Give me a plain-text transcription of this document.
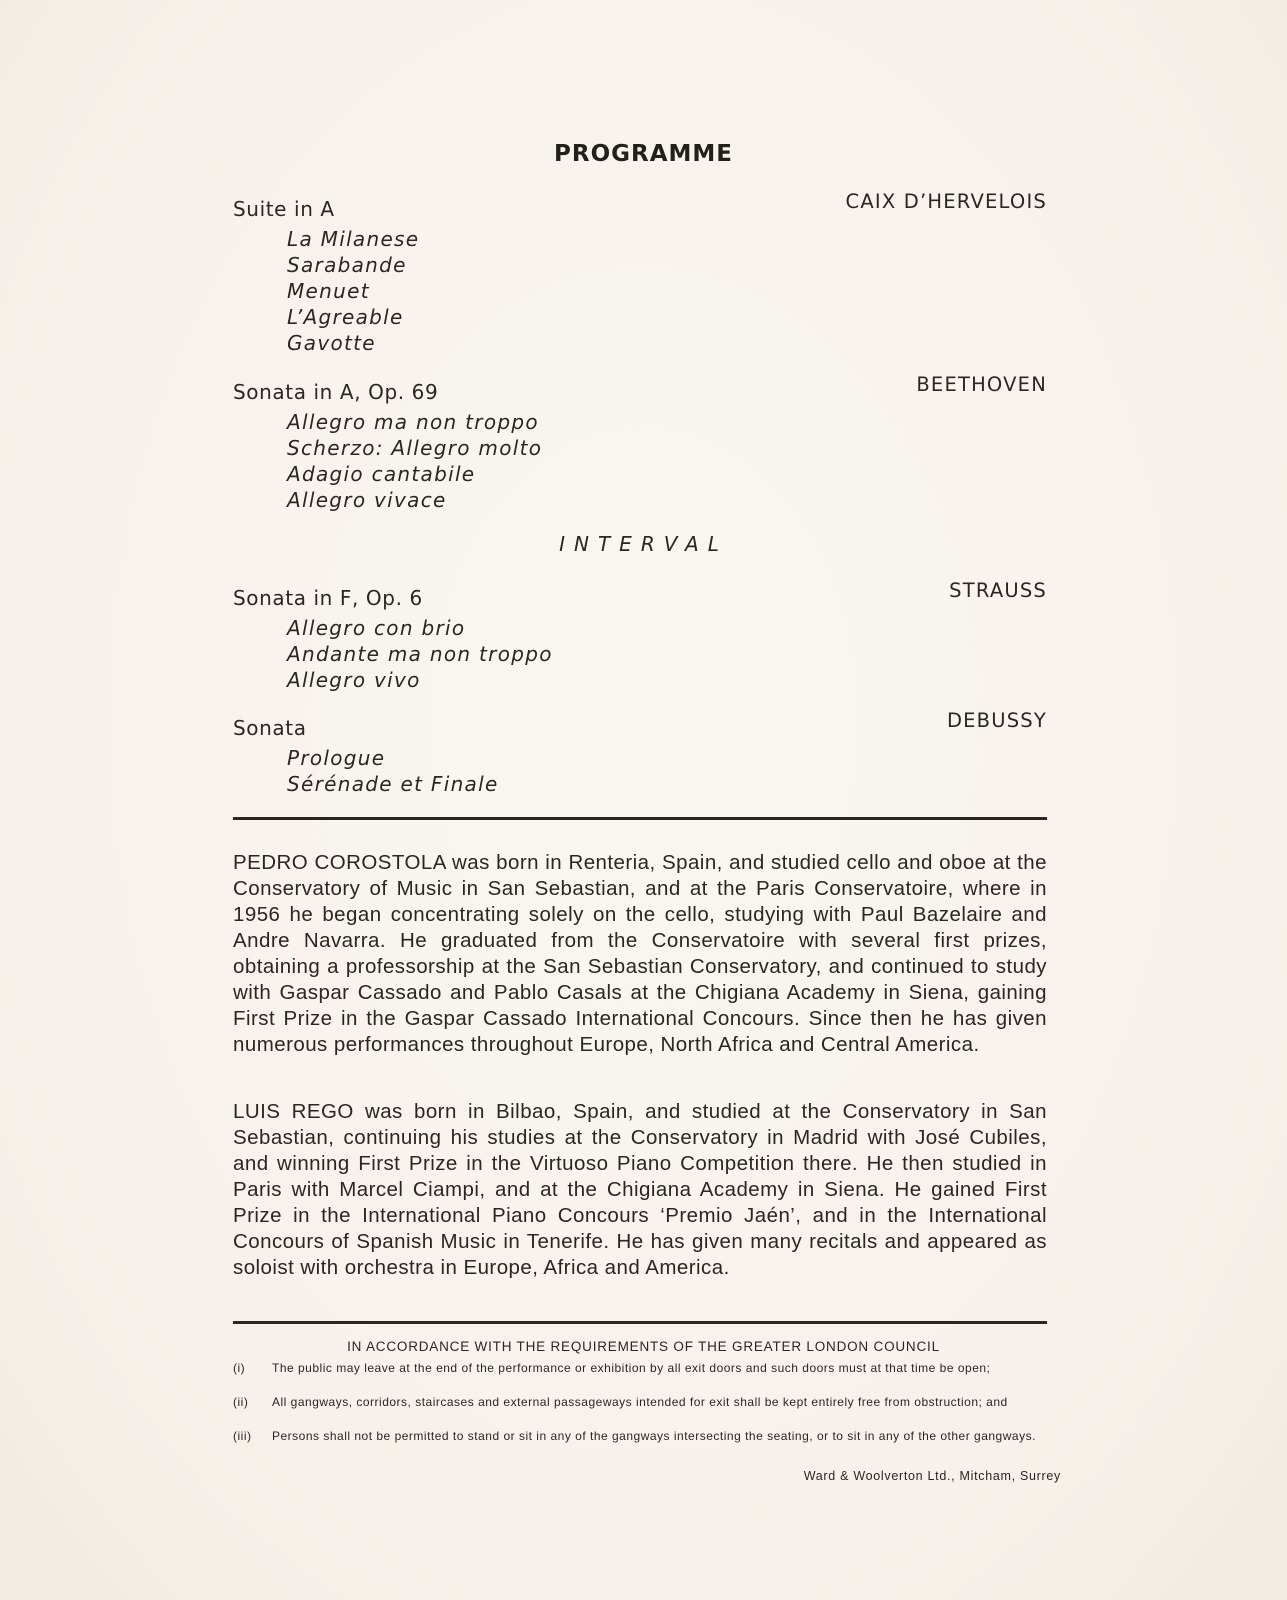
PROGRAMME
Suite in A	CAIX D’HERVELOIS
La Milanese
Sarabande
Menuet
L’Agreable
Gavotte
Sonata in A, Op. 69	BEETHOVEN
Allegro ma non troppo
Scherzo: Allegro molto
Adagio cantabile
Allegro vivace
INTERVAL
Sonata in F, Op. 6	STRAUSS
Allegro con brio
Andante ma non troppo
Allegro vivo
Sonata	DEBUSSY
Prologue
Sérénade et Finale

PEDRO COROSTOLA was born in Renteria, Spain, and studied cello and oboe at the Conservatory of Music in San Sebastian, and at the Paris Conservatoire, where in 1956 he began concentrating solely on the cello, studying with Paul Bazelaire and Andre Navarra. He graduated from the Conservatoire with several first prizes, obtaining a professorship at the San Sebastian Conservatory, and continued to study with Gaspar Cassado and Pablo Casals at the Chigiana Academy in Siena, gaining First Prize in the Gaspar Cassado International Concours. Since then he has given numerous performances throughout Europe, North Africa and Central America.

LUIS REGO was born in Bilbao, Spain, and studied at the Conservatory in San Sebastian, continuing his studies at the Conservatory in Madrid with José Cubiles, and winning First Prize in the Virtuoso Piano Competition there. He then studied in Paris with Marcel Ciampi, and at the Chigiana Academy in Siena. He gained First Prize in the International Piano Concours ‘Premio Jaén’, and in the International Concours of Spanish Music in Tenerife. He has given many recitals and appeared as soloist with orchestra in Europe, Africa and America.

IN ACCORDANCE WITH THE REQUIREMENTS OF THE GREATER LONDON COUNCIL
(i)	The public may leave at the end of the performance or exhibition by all exit doors and such doors must at that time be open;
(ii)	All gangways, corridors, staircases and external passageways intended for exit shall be kept entirely free from obstruction; and
(iii)	Persons shall not be permitted to stand or sit in any of the gangways intersecting the seating, or to sit in any of the other gangways.
Ward & Woolverton Ltd., Mitcham, Surrey
